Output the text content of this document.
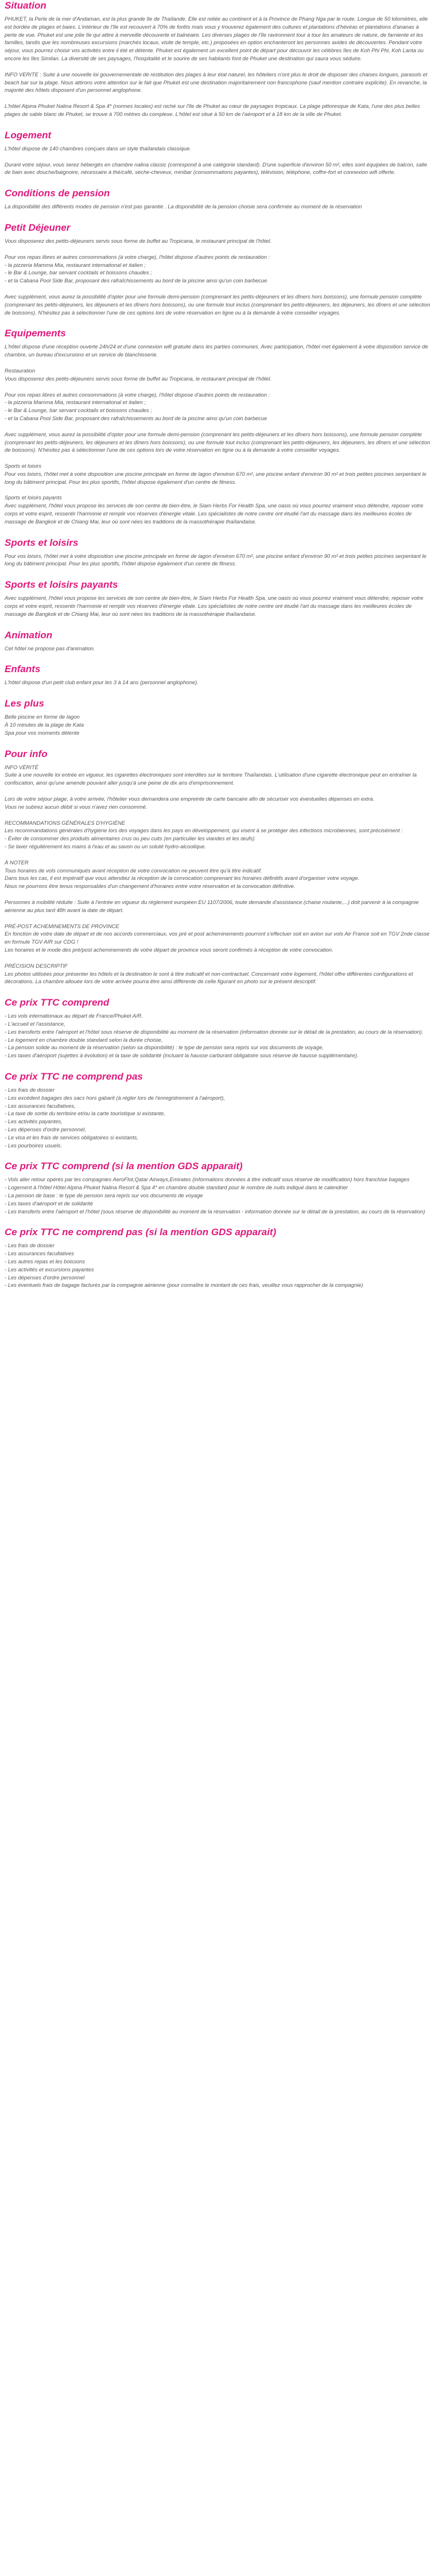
Situation

PHUKET, la Perle de la mer d'Andaman, est la plus grande île de Thaïlande. Elle est reliée au continent et à la Province de Phang Nga par le route. Longue de 50 kilomètres, elle est bordée de plages et baies. L'intérieur de l'île est recouvert à 70% de forêts mais vous y trouverez également des cultures et plantations d'hévéas et plantations d'ananas à perte de vue. Phuket est une jolie île qui attire à merveille découverte et balnéaire. Les diverses plages de l'île ravironnent tour à tour les amateurs de nature, de farniente et les familles, tandis que les nombreuses excursions (marchés locaux, visite de temple, etc.) proposées en option enchanteront les personnes avides de découvertes. Pendant votre séjour, vous pourrez choisir vos activités entre il été et détente. Phuket est également un excellent point de départ pour découvrir les célèbres îles de Koh Phi Phi, Koh Lanta ou encore les îles Similan. La diversité de ses paysages, l'hospitalité et le sourire de ses habitants font de Phuket une destination qui saura vous séduire.

INFO VERITE : Suite à une nouvelle loi gouvernementale de restitution des plages à leur état naturel, les hôteliers n'ont plus le droit de disposer des chaises longues, parasols et beach bar sur la plage. Nous attirons votre attention sur le fait que Phuket est une destination majoritairement non francophone (sauf mention contraire explicite). En revanche, la majorité des hôtels disposent d'un personnel anglophone.

L'hôtel Alpina Phuket Nalina Resort & Spa 4* (normes locales) est niché sur l'île de Phuket au cœur de paysages tropicaux. La plage pittoresque de Kata, l'une des plus belles plages de sable blanc de Phuket, se trouve à 700 mètres du complexe. L'hôtel est situé à 50 km de l'aéroport et à 18 km de la ville de Phuket.

Logement

L'hôtel dispose de 140 chambres conçues dans un style thaïlandais classique.

Durant votre séjour, vous serez hébergés en chambre nalina classic (correspond à une catégorie standard). D'une superficie d'environ 50 m², elles sont équipées de balcon, salle de bain avec douche/baignoire, nécessaire à thé/café, sèche-cheveux, minibar (consommations payantes), télévision, téléphone, coffre-fort et connexion wifi offerte.

Conditions de pension

La disponibilité des différents modes de pension n'est pas garantie . La disponibilité de la pension choisie sera confirmée au moment de la réservation

Petit Déjeuner

Vous disposerez des petits-déjeuners servis sous forme de buffet au Tropicana, le restaurant principal de l'hôtel.

Pour vos repas libres et autres consommations (à votre charge), l'hôtel dispose d'autres points de restauration :
- la pizzeria Mamma Mia, restaurant international et italien ;
- le Bar & Lounge, bar servant cocktails et boissons chaudes ;
- et la Cabana Pool Side Bar, proposant des rafraîchissements au bord de la piscine ainsi qu'un coin barbecue

Avec supplément, vous aurez la possibilité d'opter pour une formule demi-pension (comprenant les petits-déjeuners et les dîners hors boissons), une formule pension complète (comprenant les petits-déjeuners, les déjeuners et les dîners hors boissons), ou une formule tout inclus (comprenant les petits-déjeuners, les déjeuners, les dîners et une sélection de boissons). N'hésitez pas à sélectionner l'une de ces options lors de votre réservation en ligne ou à la demande à votre conseiller voyages.

Equipements

L'hôtel dispose d'une réception ouverte 24h/24 et d'une connexion wifi gratuite dans les parties communes. Avec participation, l'hôtel met également à votre disposition service de chambre, un bureau d'excursions et un service de blanchisserie.

Restauration
Vous disposerez des petits-déjeuners servis sous forme de buffet au Tropicana, le restaurant principal de l'hôtel.

Pour vos repas libres et autres consommations (à votre charge), l'hôtel dispose d'autres points de restauration :
- la pizzeria Mamma Mia, restaurant international et italien ;
- le Bar & Lounge, bar servant cocktails et boissons chaudes ;
- et la Cabana Pool Side Bar, proposant des rafraîchissements au bord de la piscine ainsi qu'un coin barbecue

Avec supplément, vous aurez la possibilité d'opter pour une formule demi-pension (comprenant les petits-déjeuners et les dîners hors boissons), une formule pension complète (comprenant les petits-déjeuners, les déjeuners et les dîners hors boissons), ou une formule tout inclus (comprenant les petits-déjeuners, les déjeuners, les dîners et une sélection de boissons). N'hésitez pas à sélectionner l'une de ces options lors de votre réservation en ligne ou à la demande à votre conseiller voyages.

Sports et loisirs
Pour vos loisirs, l'hôtel met à votre disposition une piscine principale en forme de lagon d'environ 670 m², une piscine enfant d'environ 90 m² et trois petites piscines serpentant le long du bâtiment principal. Pour les plus sportifs, l'hôtel dispose également d'un centre de fitness.

Sports et loisirs payants
Avec supplément, l'hôtel vous propose les services de son centre de bien-être, le Siam Herbs For Health Spa, une oasis où vous pourrez vraiment vous détendre, reposer votre corps et votre esprit, ressentir l'harmonie et remplir vos réserves d'énergie vitale. Les spécialistes de notre centre ont étudié l'art du massage dans les meilleures écoles de massage de Bangkok et de Chiang Mai, leur où sont nées les traditions de la massothérapie thaïlandaise.

Sports et loisirs

Pour vos loisirs, l'hôtel met à votre disposition une piscine principale en forme de lagon d'environ 670 m², une piscine enfant d'environ 90 m² et trois petites piscines serpentant le long du bâtiment principal. Pour les plus sportifs, l'hôtel dispose également d'un centre de fitness.

Sports et loisirs payants

Avec supplément, l'hôtel vous propose les services de son centre de bien-être, le Siam Herbs For Health Spa, une oasis où vous pourrez vraiment vous détendre, reposer votre corps et votre esprit, ressentir l'harmonie et remplir vos réserves d'énergie vitale. Les spécialistes de notre centre ont étudié l'art du massage dans les meilleures écoles de massage de Bangkok et de Chiang Mai, leur où sont nées les traditions de la massothérapie thaïlandaise.

Animation

Cet hôtel ne propose pas d'animation.

Enfants

L'hôtel dispose d'un petit club enfant pour les 3 à 14 ans (personnel anglophone).

Les plus

Belle piscine en forme de lagon
À 10 minutes de la plage de Kata
Spa pour vos moments détente

Pour info

INFO VÉRITÉ
Suite à une nouvelle loi entrée en vigueur, les cigarettes électroniques sont interdites sur le territoire Thaïlandais. L'utilisation d'une cigarette électronique peut en entraîner la confiscation, ainsi qu'une amende pouvant aller jusqu'à une peine de dix ans d'emprisonnement.

Lors de votre séjour plage, à votre arrivée, l'hôtelier vous demandera une empreinte de carte bancaire afin de sécuriser vos éventuelles dépenses en extra.
Vous ne subirez aucun débit si vous n'avez rien consommé.

RECOMMANDATIONS GÉNÉRALES D'HYGIÈNE
Les recommandations générales d'hygiène lors des voyages dans les pays en développement, qui visent à se protéger des infections microbiennes, sont précisément :
- Éviter de consommer des produits alimentaires crus ou peu cuits (en particulier les viandes et les œufs)
- Se laver régulièrement les mains à l'eau et au savon ou un soluté hydro-alcoolique.

À NOTER
Tous horaires de vols communiqués avant réception de votre convocation ne peuvent être qu'à titre indicatif.
Dans tous les cas, il est impératif que vous attendiez la réception de la convocation comprenant les horaires définitifs avant d'organiser votre voyage.
Nous ne pourrons être tenus responsables d'un changement d'horaires entre votre réservation et la convocation définitive.

Personnes à mobilité réduite : Suite à l'entrée en vigueur du règlement européen EU 1107/2006, toute demande d'assistance (chaise roulante,...) doit parvenir à la compagnie aérienne au plus tard 48h avant la date de départ.

PRÉ-POST ACHEMINEMENTS DE PROVINCE
En fonction de votre date de départ et de nos accords commerciaux, vos pré et post acheminements pourront s'effectuer soit en avion sur vols Air France soit en TGV 2nde classe en formule TGV AIR sur CDG !
Les horaires et le mode des pré/post acheminements de votre départ de province vous seront confirmés à réception de votre convocation.

PRÉCISION DESCRIPTIF
Les photos utilisées pour présenter les hôtels et la destination le sont à titre indicatif et non-contractuel. Concernant votre logement, l'hôtel offre différentes configurations et décorations. La chambre allouée lors de votre arrivée pourra être ainsi différente de celle figurant en photo sur le présent descriptif.

Ce prix TTC comprend

- Les vols internationaux au départ de France/Phuket A/R.
- L'accueil et l'assistance,
- Les transferts entre l'aéroport et l'hôtel sous réserve de disponibilité au moment de la réservation (information donnée sur le détail de la prestation, au cours de la réservation).
- Le logement en chambre double standard selon la durée choisie,
- La pension solide au moment de la réservation (selon sa disponibilité) : le type de pension sera repris sur vos documents de voyage,
- Les taxes d'aéroport (sujettes à évolution) et la taxe de solidarité (incluant la hausse carburant obligatoire sous réserve de hausse supplémentaire).

Ce prix TTC ne comprend pas

- Les frais de dossier
- Les excédent bagages des sacs hors gabarit (à régler lors de l'enregistrement à l'aéroport),
- Les assurances facultatives,
- La taxe de sortie du territoire et/ou la carte touristique si existante,
- Les activités payantes,
- Les dépenses d'ordre personnel,
- Le visa et les frais de services obligatoires si existants,
- Les pourboires usuels.

Ce prix TTC comprend (si la mention GDS apparait)

- Vols aller retour opérés par les compagnies AeroFlot,Qatar Airways,Emirates (informations données à titre indicatif sous réserve de modification) hors franchise bagages
- Logement à l'hôtel Hôtel Alpina Phuket Nalina Resort & Spa 4* en chambre double standard pour le nombre de nuits indiqué dans le calendrier
- La pension de base : le type de pension sera repris sur vos documents de voyage
- Les taxes d'aéroport et de solidarité
- Les transferts entre l'aéroport et l'hôtel (sous réserve de disponibilité au moment de la réservation - information donnée sur le détail de la prestation, au cours de la réservation)

Ce prix TTC ne comprend pas (si la mention GDS apparait)

- Les frais de dossier
- Les assurances facultatives
- Les autres repas et les boissons
- Les activités et excursions payantes
- Les dépenses d'ordre personnel
- Les éventuels frais de bagage facturés par la compagnie aérienne (pour connaître le montant de ces frais, veuillez vous rapprocher de la compagnie)
